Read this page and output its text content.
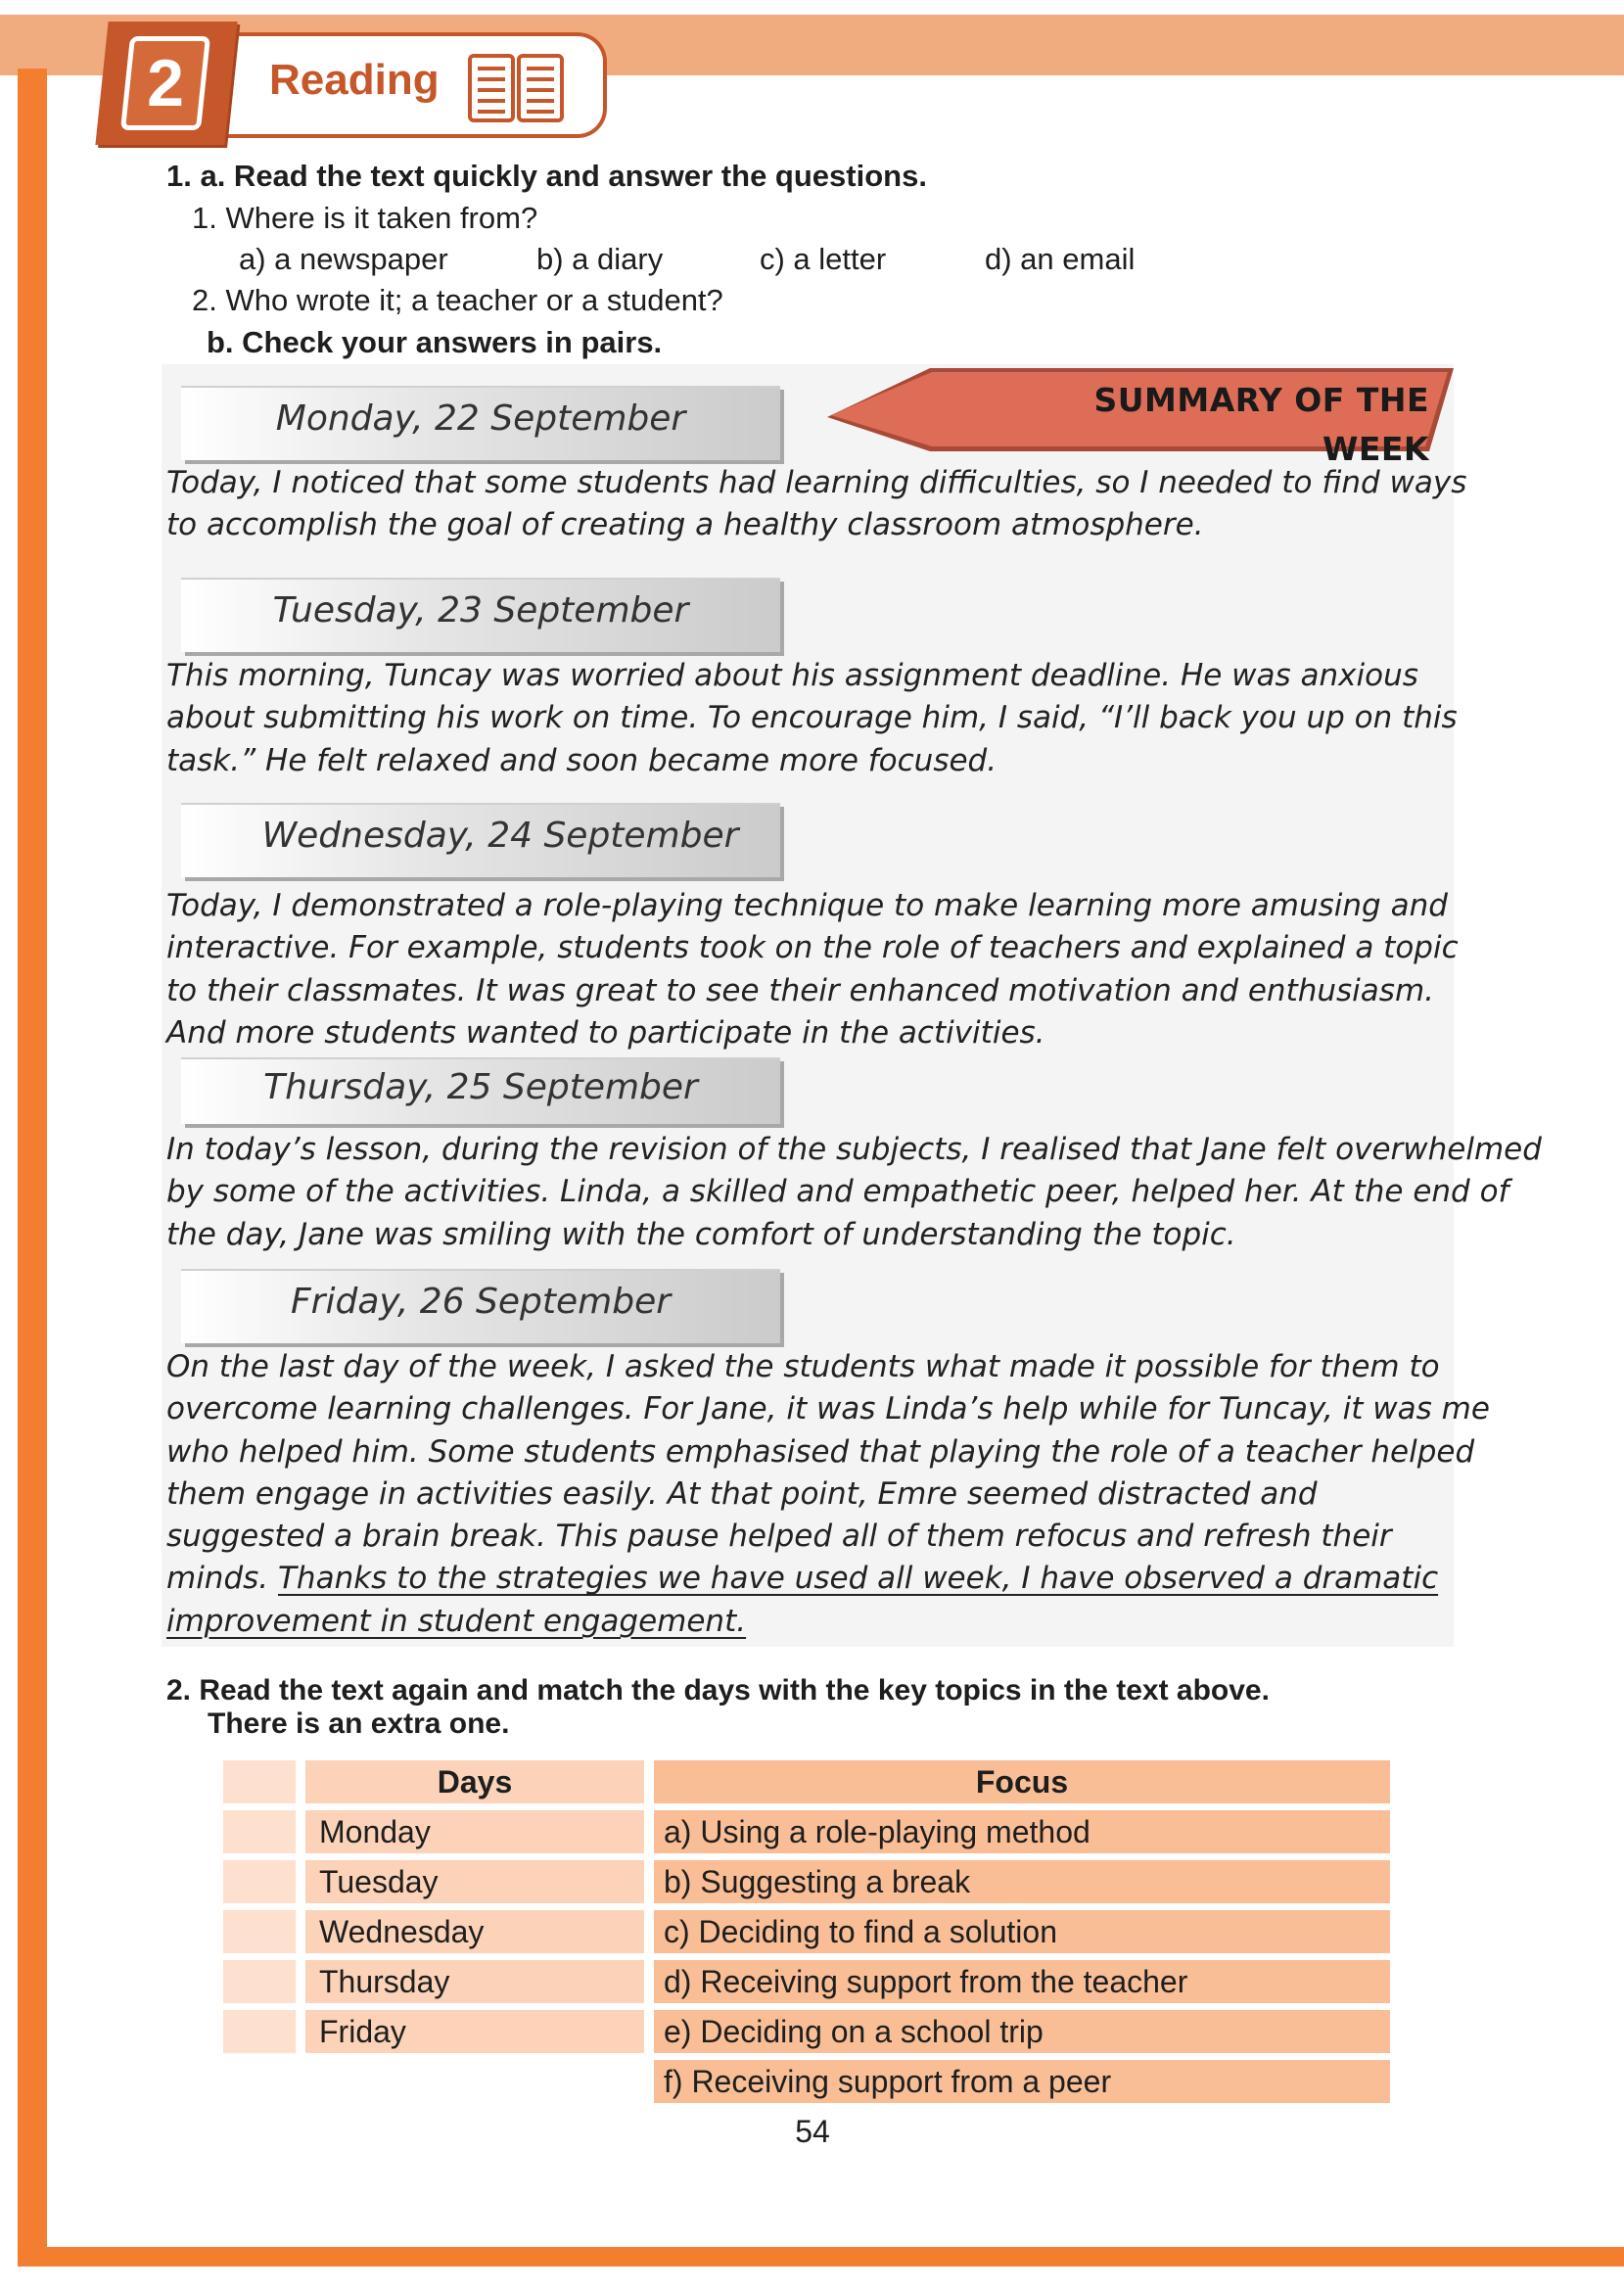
2	Reading
1. a. Read the text quickly and answer the questions.
1. Where is it taken from?
a) a newspaper	b) a diary	c) a letter	d) an email
2. Who wrote it; a teacher or a student?
b. Check your answers in pairs.
SUMMARY OF THE WEEK
Monday, 22 September
Today, I noticed that some students had learning difficulties, so I needed to find ways
to accomplish the goal of creating a healthy classroom atmosphere.
Tuesday, 23 September
This morning, Tuncay was worried about his assignment deadline. He was anxious
about submitting his work on time. To encourage him, I said, “I’ll back you up on this
task.” He felt relaxed and soon became more focused.
Wednesday, 24 September
Today, I demonstrated a role-playing technique to make learning more amusing and
interactive. For example, students took on the role of teachers and explained a topic
to their classmates. It was great to see their enhanced motivation and enthusiasm.
And more students wanted to participate in the activities.
Thursday, 25 September
In today’s lesson, during the revision of the subjects, I realised that Jane felt overwhelmed
by some of the activities. Linda, a skilled and empathetic peer, helped her. At the end of
the day, Jane was smiling with the comfort of understanding the topic.
Friday, 26 September
On the last day of the week, I asked the students what made it possible for them to
overcome learning challenges. For Jane, it was Linda’s help while for Tuncay, it was me
who helped him. Some students emphasised that playing the role of a teacher helped
them engage in activities easily. At that point, Emre seemed distracted and
suggested a brain break. This pause helped all of them refocus and refresh their
minds. Thanks to the strategies we have used all week, I have observed a dramatic
improvement in student engagement.
2. Read the text again and match the days with the key topics in the text above.
There is an extra one.
Days	Focus
Monday	a) Using a role-playing method
Tuesday	b) Suggesting a break
Wednesday	c) Deciding to find a solution
Thursday	d) Receiving support from the teacher
Friday	e) Deciding on a school trip
f) Receiving support from a peer
54
